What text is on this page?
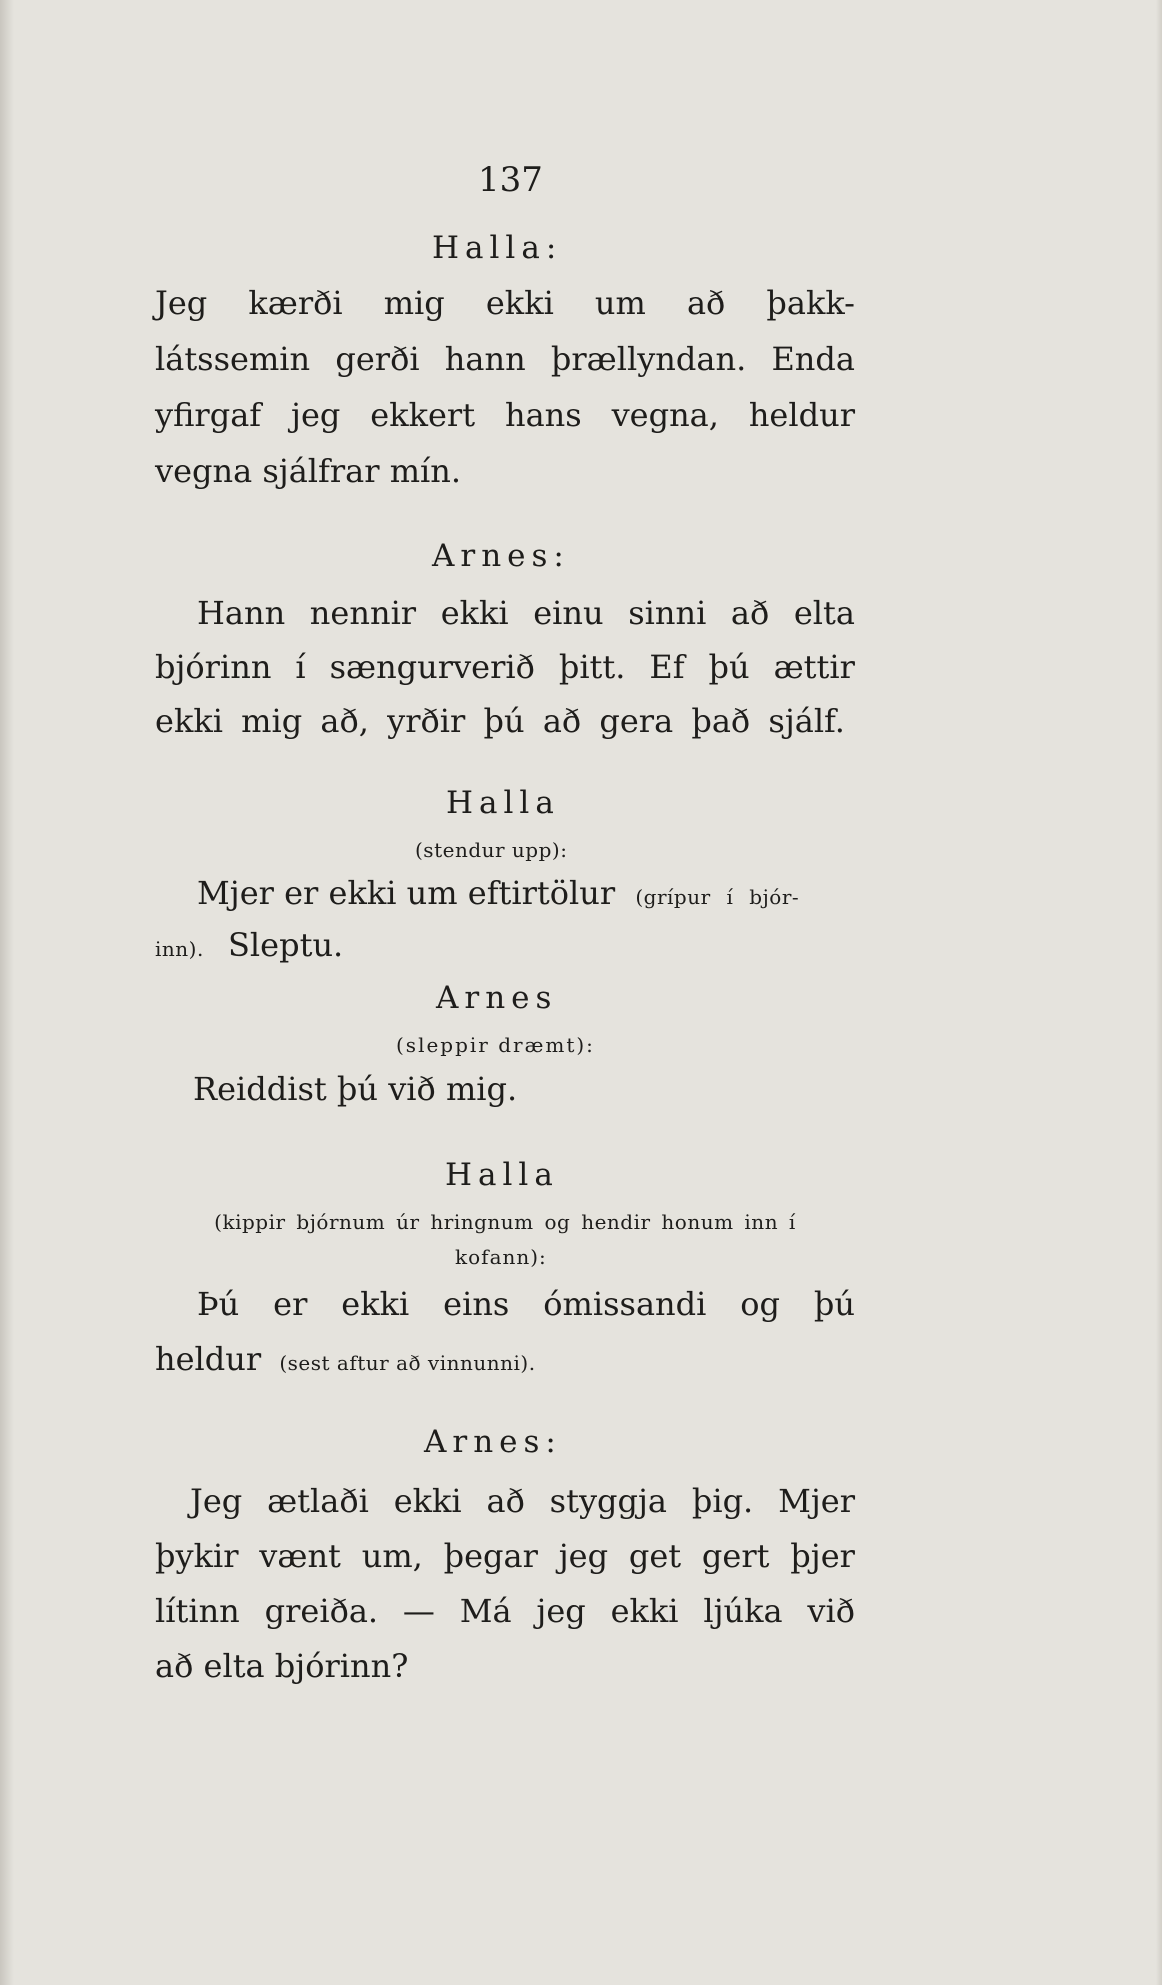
137
Halla:
Jeg kærði mig ekki um að þakk-
látssemin gerði hann þrællyndan. Enda
yfirgaf jeg ekkert hans vegna, heldur
vegna sjálfrar mín.
Arnes:
Hann nennir ekki einu sinni að elta
bjórinn í sængurverið þitt. Ef þú ættir
ekki mig að, yrðir þú að gera það sjálf.
Halla
(stendur upp):
Mjer er ekki um eftirtölur (grípur í bjór-
inn). Sleptu.
Arnes
(sleppir dræmt):
Reiddist þú við mig.
Halla
(kippir bjórnum úr hringnum og hendir honum inn í
kofann):
Þú er ekki eins ómissandi og þú
heldur (sest aftur að vinnunni).
Arnes:
Jeg ætlaði ekki að styggja þig. Mjer
þykir vænt um, þegar jeg get gert þjer
lítinn greiða. — Má jeg ekki ljúka við
að elta bjórinn?
